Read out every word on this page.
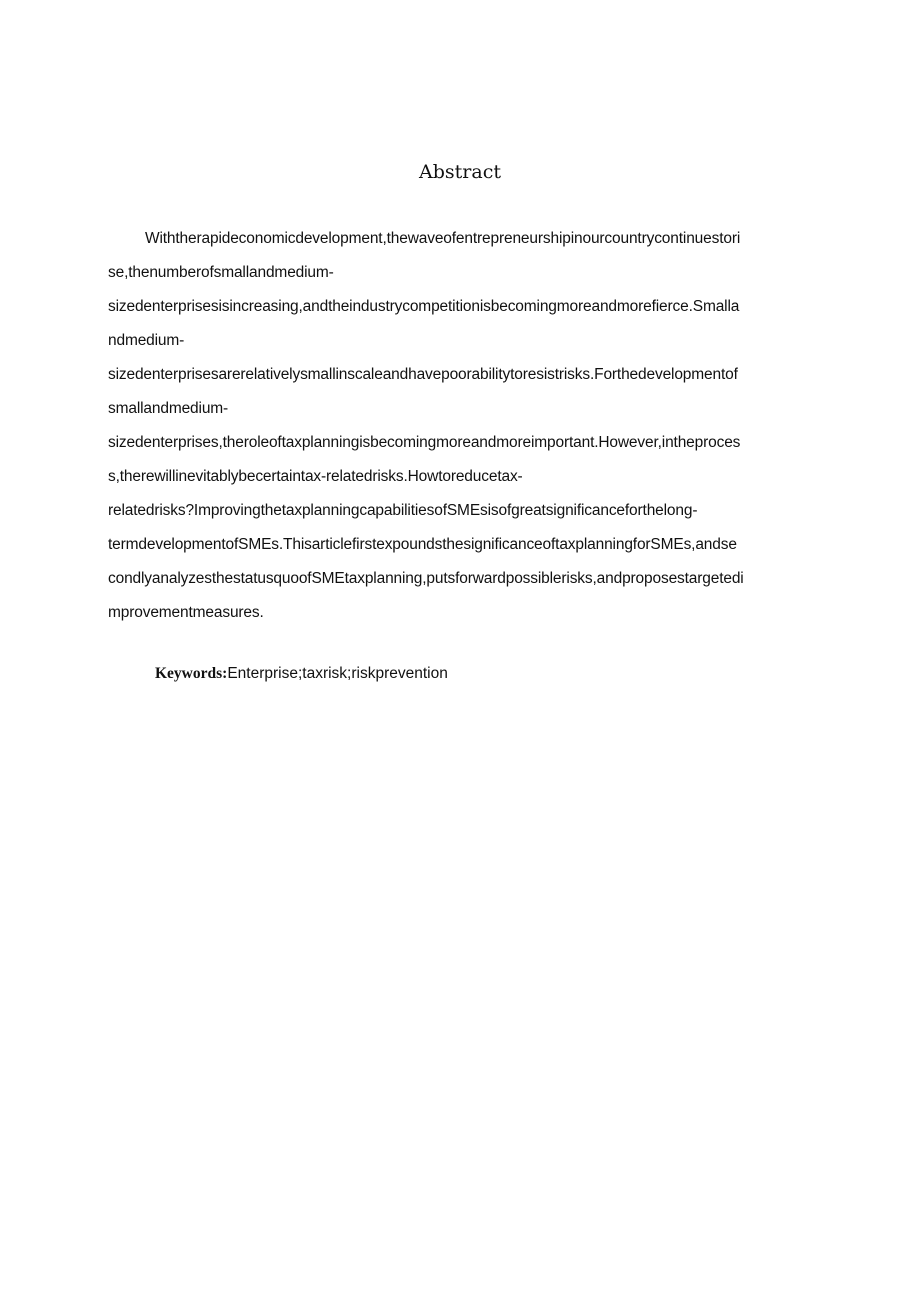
Abstract
Withtherapideconomicdevelopment,thewaveofentrepreneurshipinourcountrycontinuestori
se,thenumberofsmallandmedium-
sizedenterprisesisincreasing,andtheindustrycompetitionisbecomingmoreandmorefierce.Smalla
ndmedium-
sizedenterprisesarerelativelysmallinscaleandhavepoorabilitytoresistrisks.Forthedevelopmentof
smallandmedium-
sizedenterprises,theroleoftaxplanningisbecomingmoreandmoreimportant.However,intheproces
s,therewillinevitablybecertaintax-relatedrisks.Howtoreducetax-
relatedrisks?ImprovingthetaxplanningcapabilitiesofSMEsisofgreatsignificanceforthelong-
termdevelopmentofSMEs.ThisarticlefirstexpoundsthesignificanceoftaxplanningforSMEs,andse
condlyanalyzesthestatusquoofSMEtaxplanning,putsforwardpossiblerisks,andproposestargetedi
mprovementmeasures.
Keywords:Enterprise;taxrisk;riskprevention
